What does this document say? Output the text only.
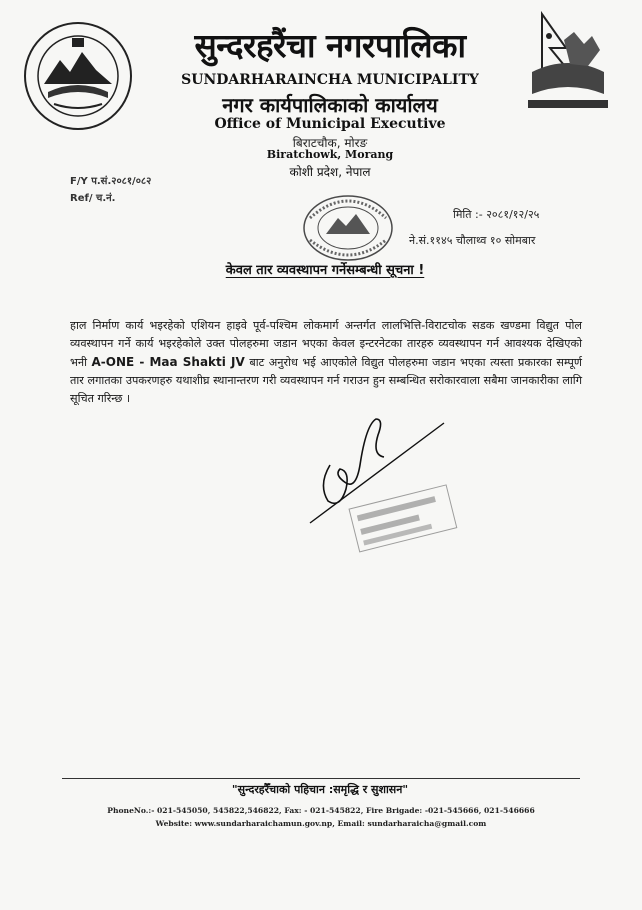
सुन्दरहरैंचा नगरपालिका
SUNDARHARAINCHA MUNICIPALITY
नगर कार्यपालिकाको कार्यालय
Office of Municipal Executive
बिराटचौक, मोरङ
Biratchowk, Morang
कोशी प्रदेश, नेपाल
F/Y प.सं.२०८१/०८२
Ref/ च.नं.
मिति :- २०८१/१२/२५
ने.सं.११४५ चौलाथ्व १० सोमबार
केवल तार व्यवस्थापन गर्नेसम्बन्धी सूचना !
हाल निर्माण कार्य भइरहेको एशियन हाइवे पूर्व-पश्चिम लोकमार्ग अन्तर्गत लालभित्ति-विराटचोक सडक खण्डमा विद्युत पोल व्यवस्थापन गर्ने कार्य भइरहेकोले उक्त पोलहरुमा जडान भएका केवल इन्टरनेटका तारहरु व्यवस्थापन गर्न आवश्यक देखिएको भनी A-ONE - Maa Shakti JV बाट अनुरोध भई आएकोले विद्युत पोलहरुमा जडान भएका त्यस्ता प्रकारका सम्पूर्ण तार लगातका उपकरणहरु यथाशीघ्र स्थानान्तरण गरी व्यवस्थापन गर्न गराउन हुन सम्बन्धित सरोकारवाला सबैमा जानकारीका लागि सूचित गरिन्छ ।
"सुन्दरहरैँचाको पहिचान :समृद्धि र सुशासन"
PhoneNo.:- 021-545050, 545822,546822, Fax: - 021-545822, Fire Brigade: -021-545666, 021-546666
Website: www.sundarharaichamun.gov.np, Email: sundarharaicha@gmail.com
